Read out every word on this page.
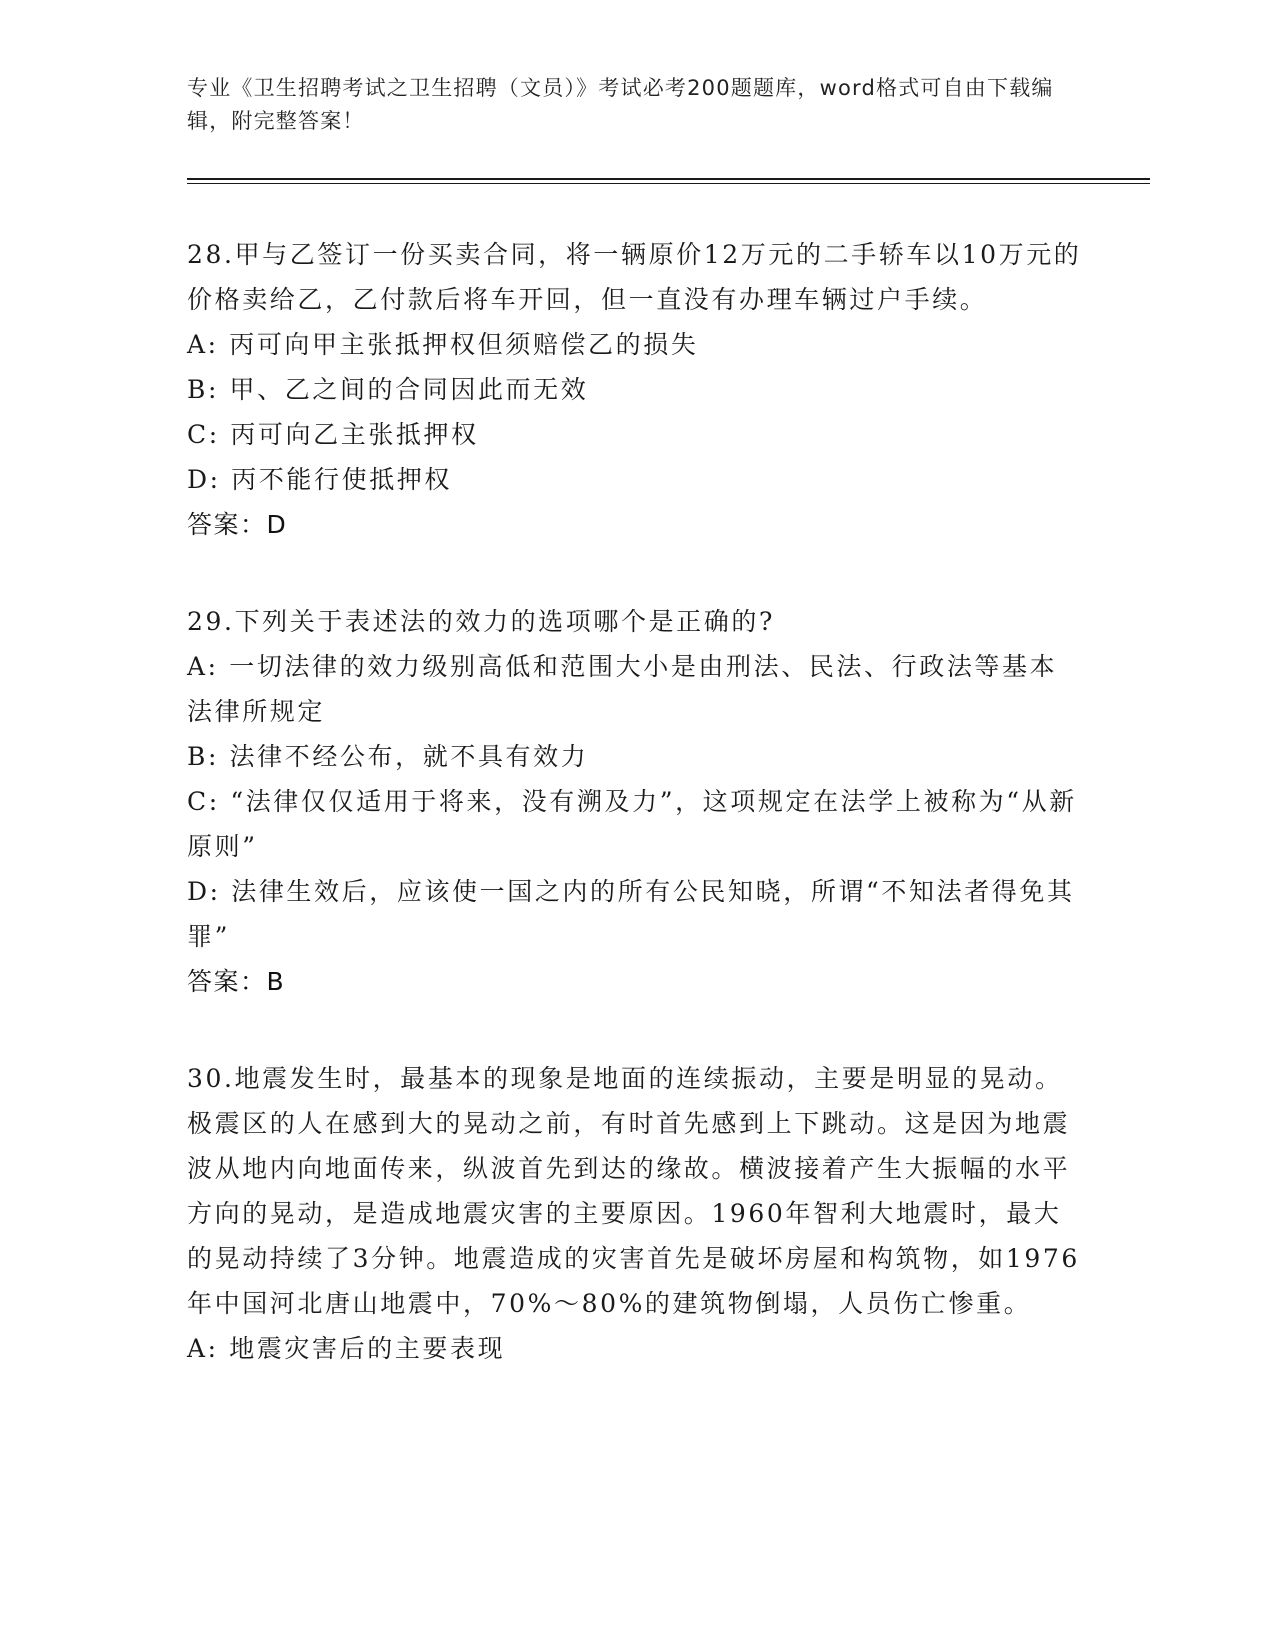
专业《卫生招聘考试之卫生招聘（文员）》考试必考200题题库，word格式可自由下载编辑，附完整答案！

28.甲与乙签订一份买卖合同，将一辆原价12万元的二手轿车以10万元的价格卖给乙，乙付款后将车开回，但一直没有办理车辆过户手续。

A: 丙可向甲主张抵押权但须赔偿乙的损失

B: 甲、乙之间的合同因此而无效

C: 丙可向乙主张抵押权

D: 丙不能行使抵押权

答案：D

29.下列关于表述法的效力的选项哪个是正确的?

A: 一切法律的效力级别高低和范围大小是由刑法、民法、行政法等基本法律所规定

B: 法律不经公布，就不具有效力

C: “法律仅仅适用于将来，没有溯及力”，这项规定在法学上被称为“从新原则”

D: 法律生效后，应该使一国之内的所有公民知晓，所谓“不知法者得免其罪”

答案：B

30.地震发生时，最基本的现象是地面的连续振动，主要是明显的晃动。极震区的人在感到大的晃动之前，有时首先感到上下跳动。这是因为地震波从地内向地面传来，纵波首先到达的缘故。横波接着产生大振幅的水平方向的晃动，是造成地震灾害的主要原因。1960年智利大地震时，最大的晃动持续了3分钟。地震造成的灾害首先是破坏房屋和构筑物，如1976年中国河北唐山地震中，70%～80%的建筑物倒塌，人员伤亡惨重。

A: 地震灾害后的主要表现
